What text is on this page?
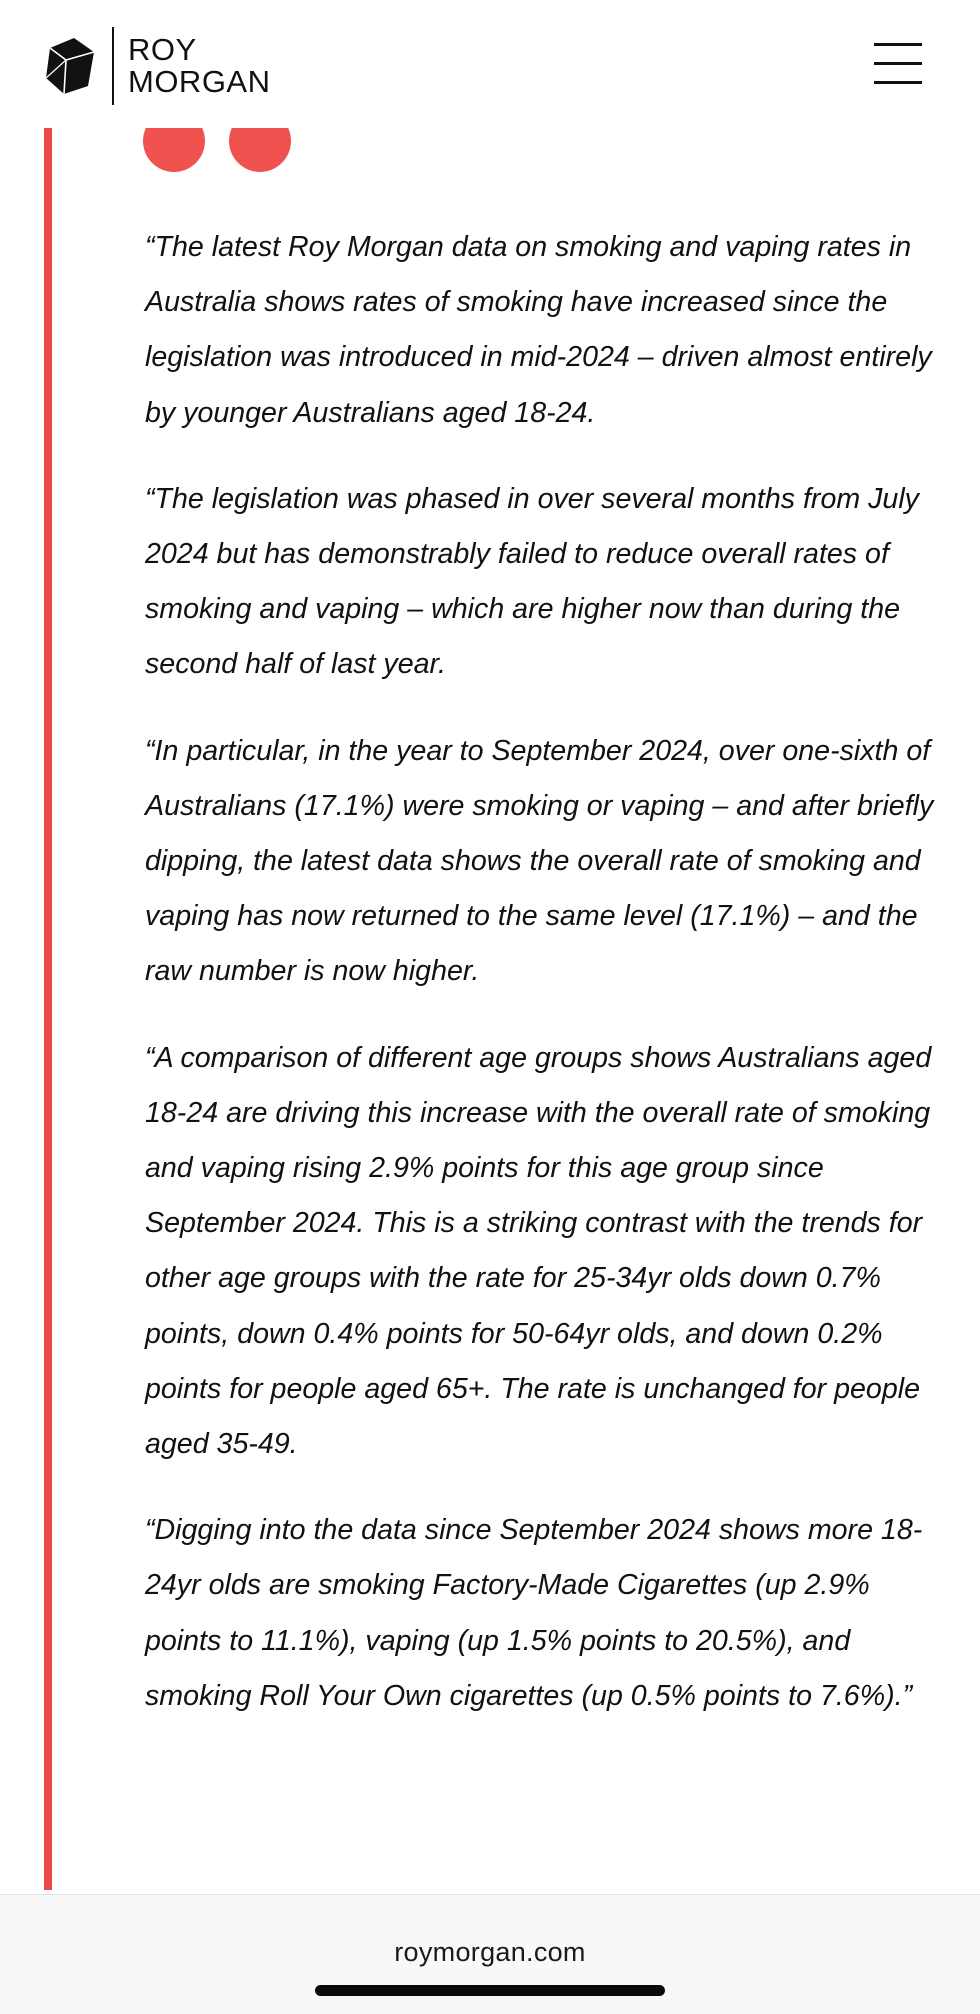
ROY
MORGAN

“The latest Roy Morgan data on smoking and vaping rates in Australia shows rates of smoking have increased since the legislation was introduced in mid-2024 – driven almost entirely by younger Australians aged 18-24.

“The legislation was phased in over several months from July 2024 but has demonstrably failed to reduce overall rates of smoking and vaping – which are higher now than during the second half of last year.

“In particular, in the year to September 2024, over one-sixth of Australians (17.1%) were smoking or vaping – and after briefly dipping, the latest data shows the overall rate of smoking and vaping has now returned to the same level (17.1%) – and the raw number is now higher.

“A comparison of different age groups shows Australians aged 18-24 are driving this increase with the overall rate of smoking and vaping rising 2.9% points for this age group since September 2024. This is a striking contrast with the trends for other age groups with the rate for 25-34yr olds down 0.7% points, down 0.4% points for 50-64yr olds, and down 0.2% points for people aged 65+. The rate is unchanged for people aged 35-49.

“Digging into the data since September 2024 shows more 18-24yr olds are smoking Factory-Made Cigarettes (up 2.9% points to 11.1%), vaping (up 1.5% points to 20.5%), and smoking Roll Your Own cigarettes (up 0.5% points to 7.6%).”

roymorgan.com
